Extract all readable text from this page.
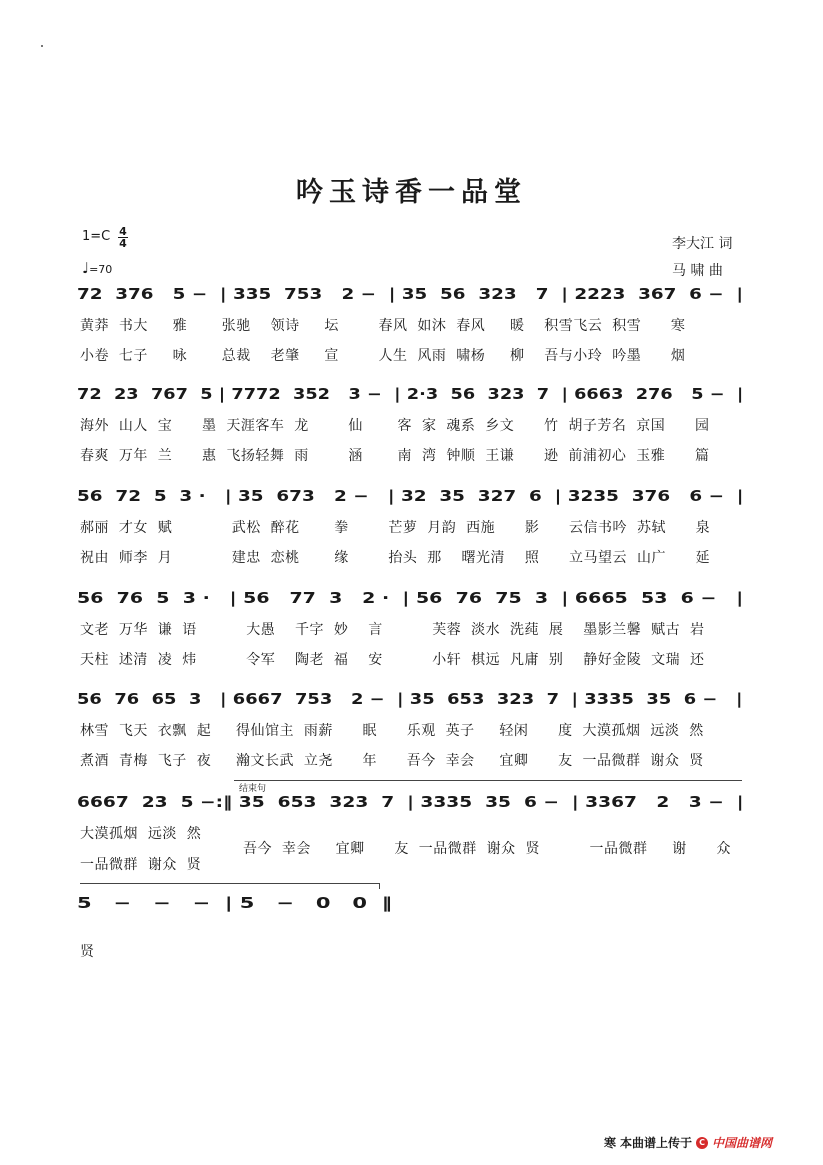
吟玉诗香一品堂
1=C 4
4
♩=70
李大江 词
马 啸 曲
72  376   5 −  | 335  753   2 −  | 35  56  323   7  | 2223  367  6 −  |
黄莽  书大     雅       张驰    领诗     坛        春风  如沐  春风     暖    积雪飞云  积雪      寒
小卷  七子     咏       总裁    老肇     宣        人生  风雨  啸杨     柳    吾与小玲  吟墨      烟
72  23  767  5 | 7772  352   3 −  | 2·3  56  323  7  | 6663  276   5 −  |
海外  山人  宝      墨  天涯客车  龙        仙       客  家  魂系  乡文      竹  胡子芳名  京国      园
春爽  万年  兰      惠  飞扬轻舞  雨        涵       南  湾  钟顺  王谦      逊  前浦初心  玉雅      篇
56  72  5  3 ·   | 35  673   2 −   | 32  35  327  6  | 3235  376   6 −  |
郝丽  才女  赋            武松  醉花       拳        芒萝  月韵  西施      影      云信书吟  苏轼      泉
祝由  师李  月            建忠  恋桃       缘        抬头  那    曙光清    照      立马望云  山广      延
56  76  5  3 ·   | 56   77  3   2 ·  | 56  76  75  3  | 6665  53  6 −   |
文老  万华  谦  语          大愚    千字  妙    言          芙蓉  淡水  洗莼  展    墨影兰馨  赋古  岩
天柱  述清  凌  炜          令军    陶老  福    安          小轩  棋远  凡庸  别    静好金陵  文瑞  还
56  76  65  3   | 6667  753   2 −  | 35  653  323  7  | 3335  35  6 −   |
林雪  飞天  衣飘  起     得仙馆主  雨薪      眠      乐观  英子     轻闲      度  大漠孤烟  远淡  然
煮酒  青梅  飞子  夜     瀚文长武  立尧      年      吾今  幸会     宜卿      友  一品微群  谢众  贤
结束句
6667  23  5 −:‖ 35  653  323  7  | 3335  35  6 −  | 3367   2   3 −  |
大漠孤烟  远淡  然
吾今  幸会     宜卿      友  一品微群  谢众  贤          一品微群     谢      众
一品微群  谢众  贤
5   −   −   −  | 5   −   0   0  ‖
贤
寒 本曲谱上传于 C 中国曲谱网
